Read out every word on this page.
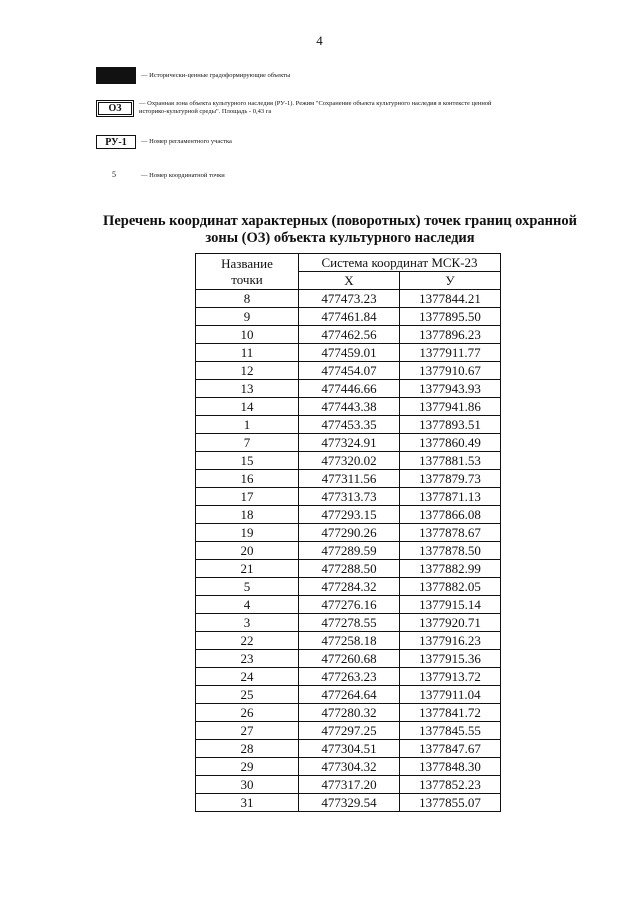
4
— Исторически-ценные градоформирующие объекты
ОЗ	— Охранная зона объекта культурного наследия (РУ-1). Режим "Сохранение объекта культурного наследия в контексте ценной историко-культурной среды". Площадь - 0,43 га
РУ-1	— Номер регламентного участка
5	— Номер координатной точки
Перечень координат характерных (поворотных) точек границ охранной
зоны (ОЗ) объекта культурного наследия
Название
точки	Система координат МСК-23	
	X	У
8	477473.23	1377844.21
9	477461.84	1377895.50
10	477462.56	1377896.23
11	477459.01	1377911.77
12	477454.07	1377910.67
13	477446.66	1377943.93
14	477443.38	1377941.86
1	477453.35	1377893.51
7	477324.91	1377860.49
15	477320.02	1377881.53
16	477311.56	1377879.73
17	477313.73	1377871.13
18	477293.15	1377866.08
19	477290.26	1377878.67
20	477289.59	1377878.50
21	477288.50	1377882.99
5	477284.32	1377882.05
4	477276.16	1377915.14
3	477278.55	1377920.71
22	477258.18	1377916.23
23	477260.68	1377915.36
24	477263.23	1377913.72
25	477264.64	1377911.04
26	477280.32	1377841.72
27	477297.25	1377845.55
28	477304.51	1377847.67
29	477304.32	1377848.30
30	477317.20	1377852.23
31	477329.54	1377855.07
